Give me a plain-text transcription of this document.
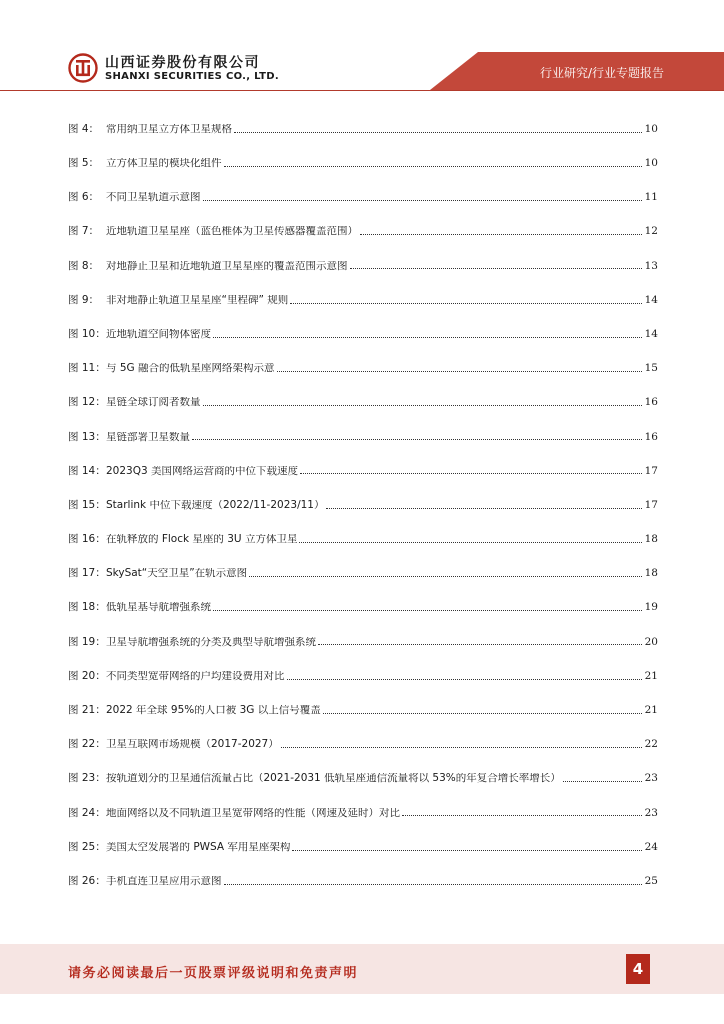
山西证券股份有限公司
SHANXI SECURITIES CO., LTD.	行业研究/行业专题报告
图 4： 常用纳卫星立方体卫星规格	10
图 5： 立方体卫星的模块化组件	10
图 6： 不同卫星轨道示意图	11
图 7： 近地轨道卫星星座（蓝色椎体为卫星传感器覆盖范围）	12
图 8： 对地静止卫星和近地轨道卫星星座的覆盖范围示意图	13
图 9： 非对地静止轨道卫星星座“里程碑” 规则	14
图 10： 近地轨道空间物体密度	14
图 11： 与 5G 融合的低轨星座网络架构示意	15
图 12： 星链全球订阅者数量	16
图 13： 星链部署卫星数量	16
图 14： 2023Q3 美国网络运营商的中位下载速度	17
图 15： Starlink 中位下载速度（2022/11-2023/11）	17
图 16： 在轨释放的 Flock 星座的 3U 立方体卫星	18
图 17： SkySat“天空卫星”在轨示意图	18
图 18： 低轨星基导航增强系统	19
图 19： 卫星导航增强系统的分类及典型导航增强系统	20
图 20： 不同类型宽带网络的户均建设费用对比	21
图 21： 2022 年全球 95%的人口被 3G 以上信号覆盖	21
图 22： 卫星互联网市场规模（2017-2027）	22
图 23： 按轨道划分的卫星通信流量占比（2021-2031 低轨星座通信流量将以 53%的年复合增长率增长）	23
图 24： 地面网络以及不同轨道卫星宽带网络的性能（网速及延时）对比	23
图 25： 美国太空发展署的 PWSA 军用星座架构	24
图 26： 手机直连卫星应用示意图	25
请务必阅读最后一页股票评级说明和免责声明	4
